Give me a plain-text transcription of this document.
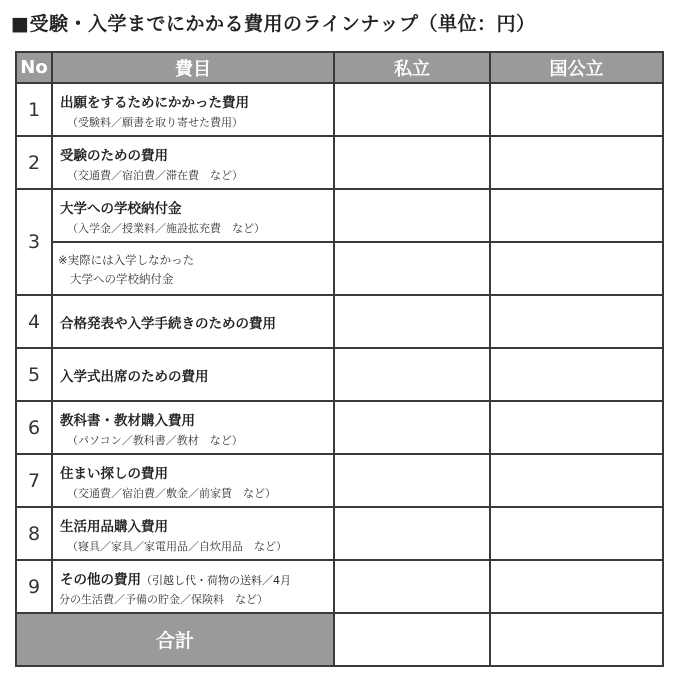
■受験・入学までにかかる費用のラインナップ（単位：円）
No	費目	私立	国公立
1	出願をするためにかかった費用
（受験料／願書を取り寄せた費用）		

2	受験のための費用
（交通費／宿泊費／滞在費　など）		

3	大学への学校納付金
（入学金／授業料／施設拡充費　など）		

	※実際には入学しなかった
大学への学校納付金		

4	合格発表や入学手続きのための費用		

5	入学式出席のための費用		

6	教科書・教材購入費用
（パソコン／教科書／教材　など）		

7	住まい探しの費用
（交通費／宿泊費／敷金／前家賃　など）		

8	生活用品購入費用
（寝具／家具／家電用品／自炊用品　など）		

9	その他の費用（引越し代・荷物の送料／4月
分の生活費／予備の貯金／保険料　など）		

合計			
